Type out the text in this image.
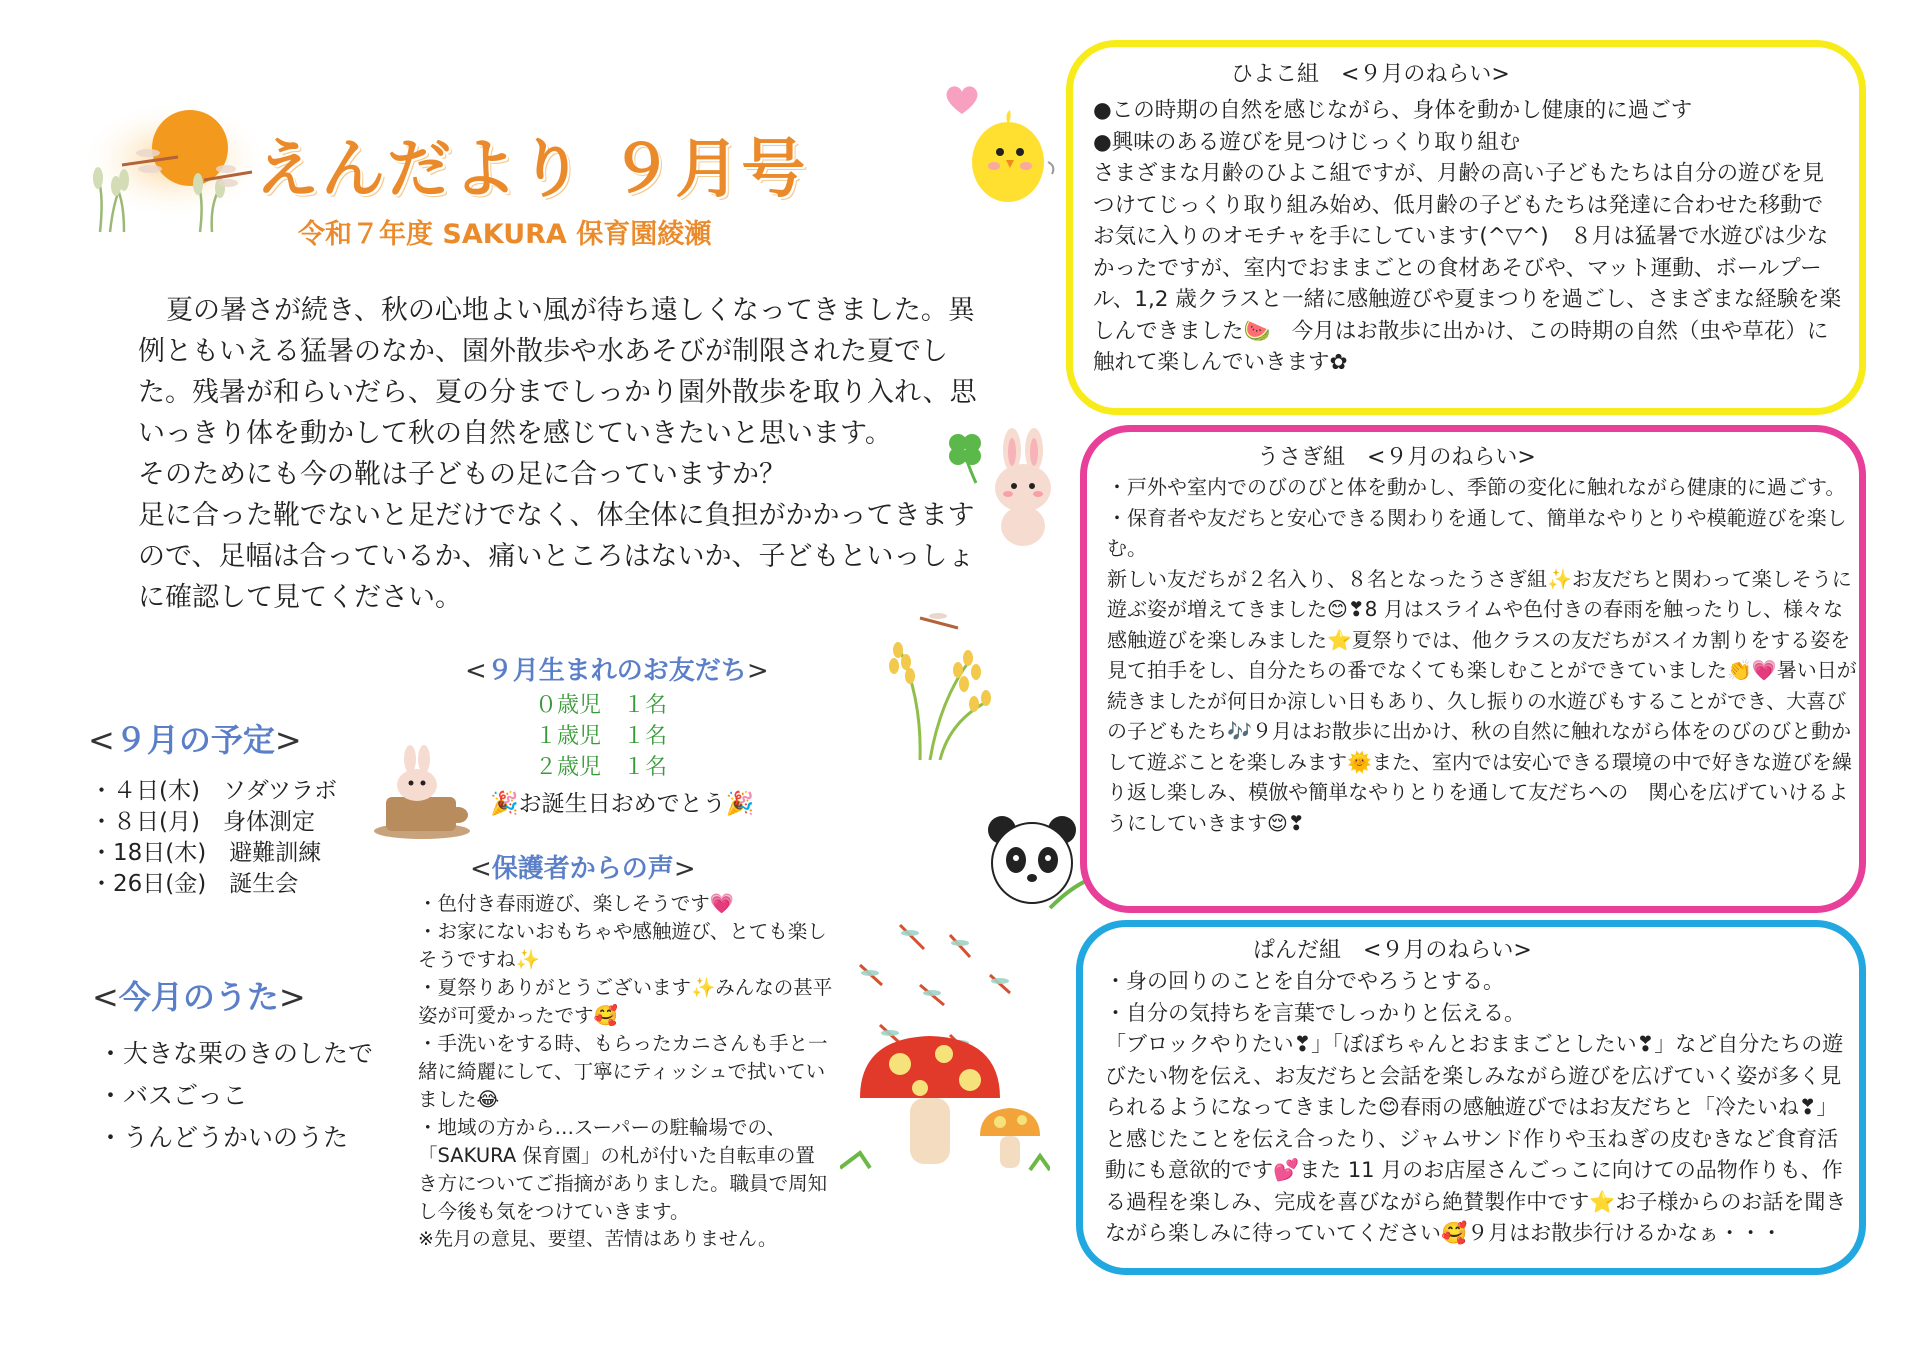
えんだより ９月号
令和７年度 SAKURA 保育園綾瀬

夏の暑さが続き、秋の心地よい風が待ち遠しくなってきました。異例ともいえる猛暑のなか、園外散歩や水あそびが制限された夏でした。残暑が和らいだら、夏の分までしっかり園外散歩を取り入れ、思いっきり体を動かして秋の自然を感じていきたいと思います。

そのためにも今の靴は子どもの足に合っていますか？

足に合った靴でないと足だけでなく、体全体に負担がかかってきますので、足幅は合っているか、痛いところはないか、子どもといっしょに確認して見てください。

<９月の予定>
・４日(木)　ソダツラボ
・８日(月)　身体測定
・18日(木)　避難訓練
・26日(金)　誕生会
<今月のうた>
・大きな栗のきのしたで
・バスごっこ
・うんどうかいのうた
<９月生まれのお友だち>
０歳児　１名
１歳児　１名
２歳児　１名
🎉お誕生日おめでとう🎉
<保護者からの声>

・色付き春雨遊び、楽しそうです💗

・お家にないおもちゃや感触遊び、とても楽しそうですね✨

・夏祭りありがとうございます✨みんなの甚平姿が可愛かったです🥰

・手洗いをする時、もらったカニさんも手と一緒に綺麗にして、丁寧にティッシュで拭いていました😂

・地域の方から…スーパーの駐輪場での、「SAKURA 保育園」の札が付いた自転車の置き方についてご指摘がありました。職員で周知し今後も気をつけていきます。

※先月の意見、要望、苦情はありません。
ひよこ組　<９月のねらい>

●この時期の自然を感じながら、身体を動かし健康的に過ごす

●興味のある遊びを見つけじっくり取り組む

さまざまな月齢のひよこ組ですが、月齢の高い子どもたちは自分の遊びを見つけてじっくり取り組み始め、低月齢の子どもたちは発達に合わせた移動でお気に入りのオモチャを手にしています(^▽^)　８月は猛暑で水遊びは少なかったですが、室内でおままごとの食材あそびや、マット運動、ボールプール、1,2 歳クラスと一緒に感触遊びや夏まつりを過ごし、さまざまな経験を楽しんできました🍉　今月はお散歩に出かけ、この時期の自然（虫や草花）に触れて楽しんでいきます✿

うさぎ組　<９月のねらい>

・戸外や室内でのびのびと体を動かし、季節の変化に触れながら健康的に過ごす。

・保育者や友だちと安心できる関わりを通して、簡単なやりとりや模範遊びを楽しむ。

新しい友だちが２名入り、８名となったうさぎ組✨お友だちと関わって楽しそうに遊ぶ姿が増えてきました😊❣8 月はスライムや色付きの春雨を触ったりし、様々な感触遊びを楽しみました⭐夏祭りでは、他クラスの友だちがスイカ割りをする姿を見て拍手をし、自分たちの番でなくても楽しむことができていました👏💗暑い日が続きましたが何日か涼しい日もあり、久し振りの水遊びもすることができ、大喜びの子どもたち🎶９月はお散歩に出かけ、秋の自然に触れながら体をのびのびと動かして遊ぶことを楽しみます🌞また、室内では安心できる環境の中で好きな遊びを繰り返し楽しみ、模倣や簡単なやりとりを通して友だちへの　関心を広げていけるようにしていきます😌❣

ぱんだ組　<９月のねらい>

・身の回りのことを自分でやろうとする。

・自分の気持ちを言葉でしっかりと伝える。

「ブロックやりたい❣」「ぼぼちゃんとおままごとしたい❣」など自分たちの遊びたい物を伝え、お友だちと会話を楽しみながら遊びを広げていく姿が多く見られるようになってきました😊春雨の感触遊びではお友だちと「冷たいね❣」と感じたことを伝え合ったり、ジャムサンド作りや玉ねぎの皮むきなど食育活動にも意欲的です💕また 11 月のお店屋さんごっこに向けての品物作りも、作る過程を楽しみ、完成を喜びながら絶賛製作中です⭐お子様からのお話を聞きながら楽しみに待っていてください🥰９月はお散歩行けるかなぁ・・・
